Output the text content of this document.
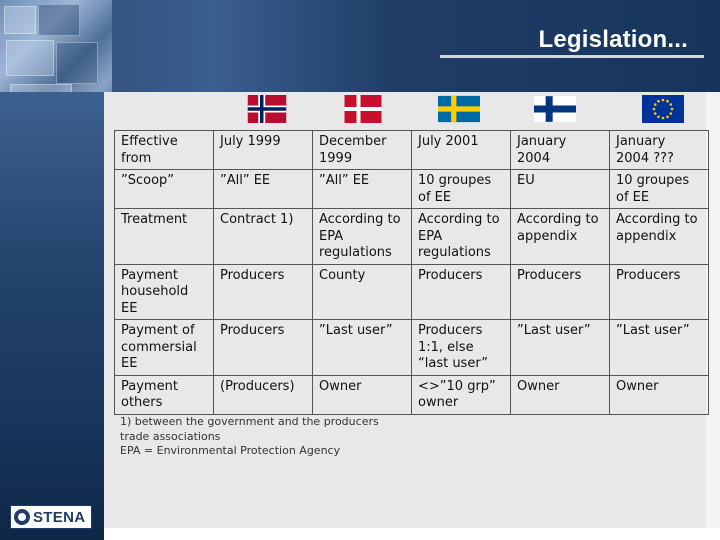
Legislation...
STENA
Effective from	July 1999	December 1999	July 2001	January 2004	January 2004 ???
”Scoop”	”All” EE	”All” EE	10 groupes of EE	EU	10 groupes of EE
Treatment	Contract 1)	According to EPA regulations	According to EPA regulations	According to appendix	According to appendix
Payment household EE	Producers	County	Producers	Producers	Producers
Payment of commersial EE	Producers	”Last user”	Producers 1:1, else “last user”	”Last user”	”Last user”
Payment others	(Producers)	Owner	<>”10 grp” owner	Owner	Owner
1) between the government and the producers
trade associations
EPA = Environmental Protection Agency
